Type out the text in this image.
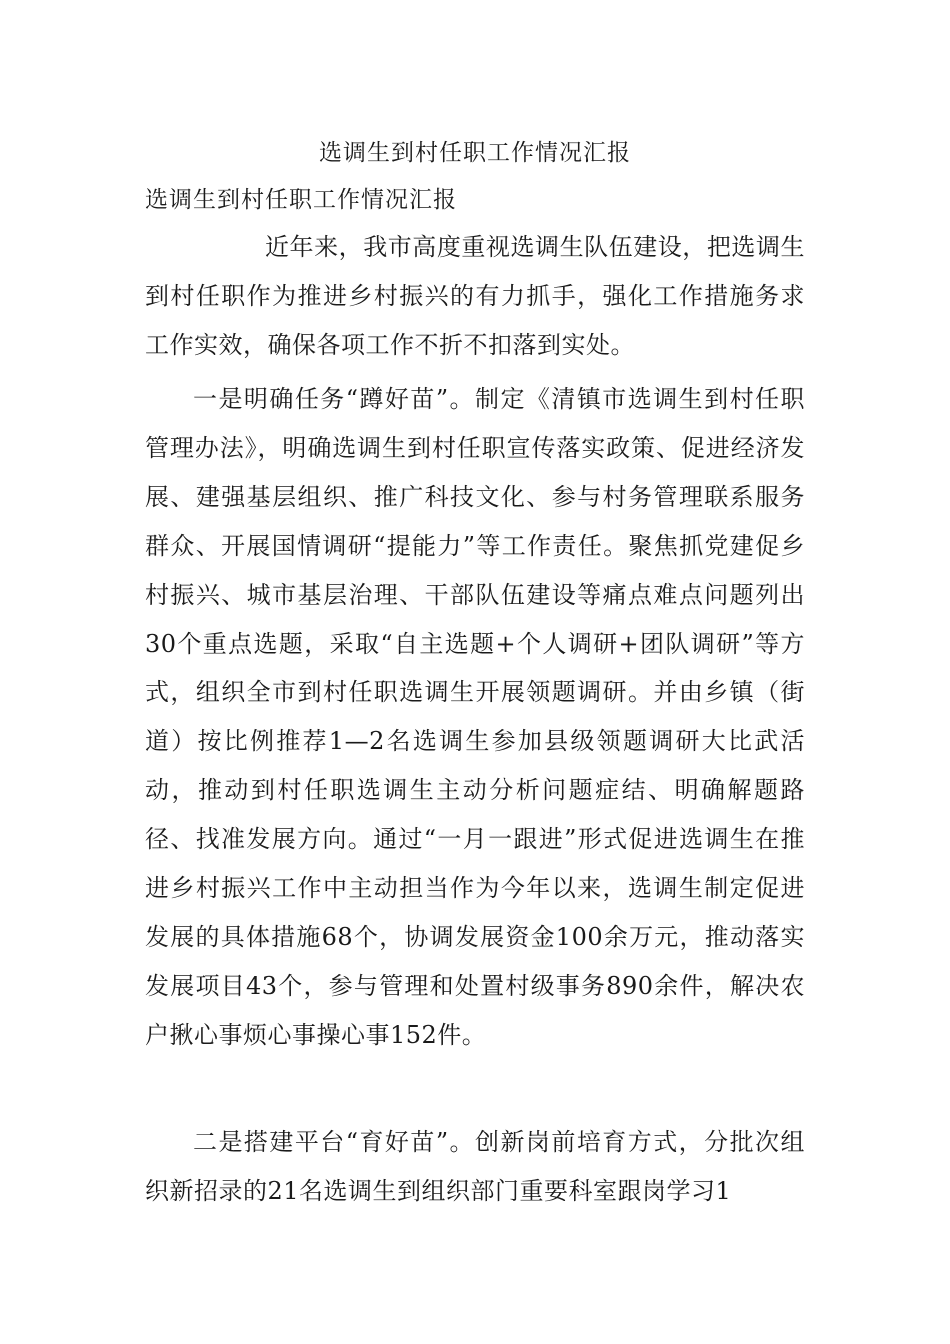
选调生到村任职工作情况汇报
选调生到村任职工作情况汇报

近年来，我市高度重视选调生队伍建设，把选调生到村任职作为推进乡村振兴的有力抓手，强化工作措施务求工作实效，确保各项工作不折不扣落到实处。

一是明确任务“蹲好苗”。制定《清镇市选调生到村任职管理办法》，明确选调生到村任职宣传落实政策、促进经济发展、建强基层组织、推广科技文化、参与村务管理联系服务群众、开展国情调研“提能力”等工作责任。聚焦抓党建促乡村振兴、城市基层治理、干部队伍建设等痛点难点问题列出30个重点选题，采取“自主选题+个人调研+团队调研”等方式，组织全市到村任职选调生开展领题调研。并由乡镇（街道）按比例推荐1—2名选调生参加县级领题调研大比武活动，推动到村任职选调生主动分析问题症结、明确解题路径、找准发展方向。通过“一月一跟进”形式促进选调生在推进乡村振兴工作中主动担当作为今年以来，选调生制定促进发展的具体措施68个，协调发展资金100余万元，推动落实发展项目43个，参与管理和处置村级事务890余件，解决农户揪心事烦心事操心事152件。

二是搭建平台“育好苗”。创新岗前培育方式，分批次组织新招录的21名选调生到组织部门重要科室跟岗学习1
